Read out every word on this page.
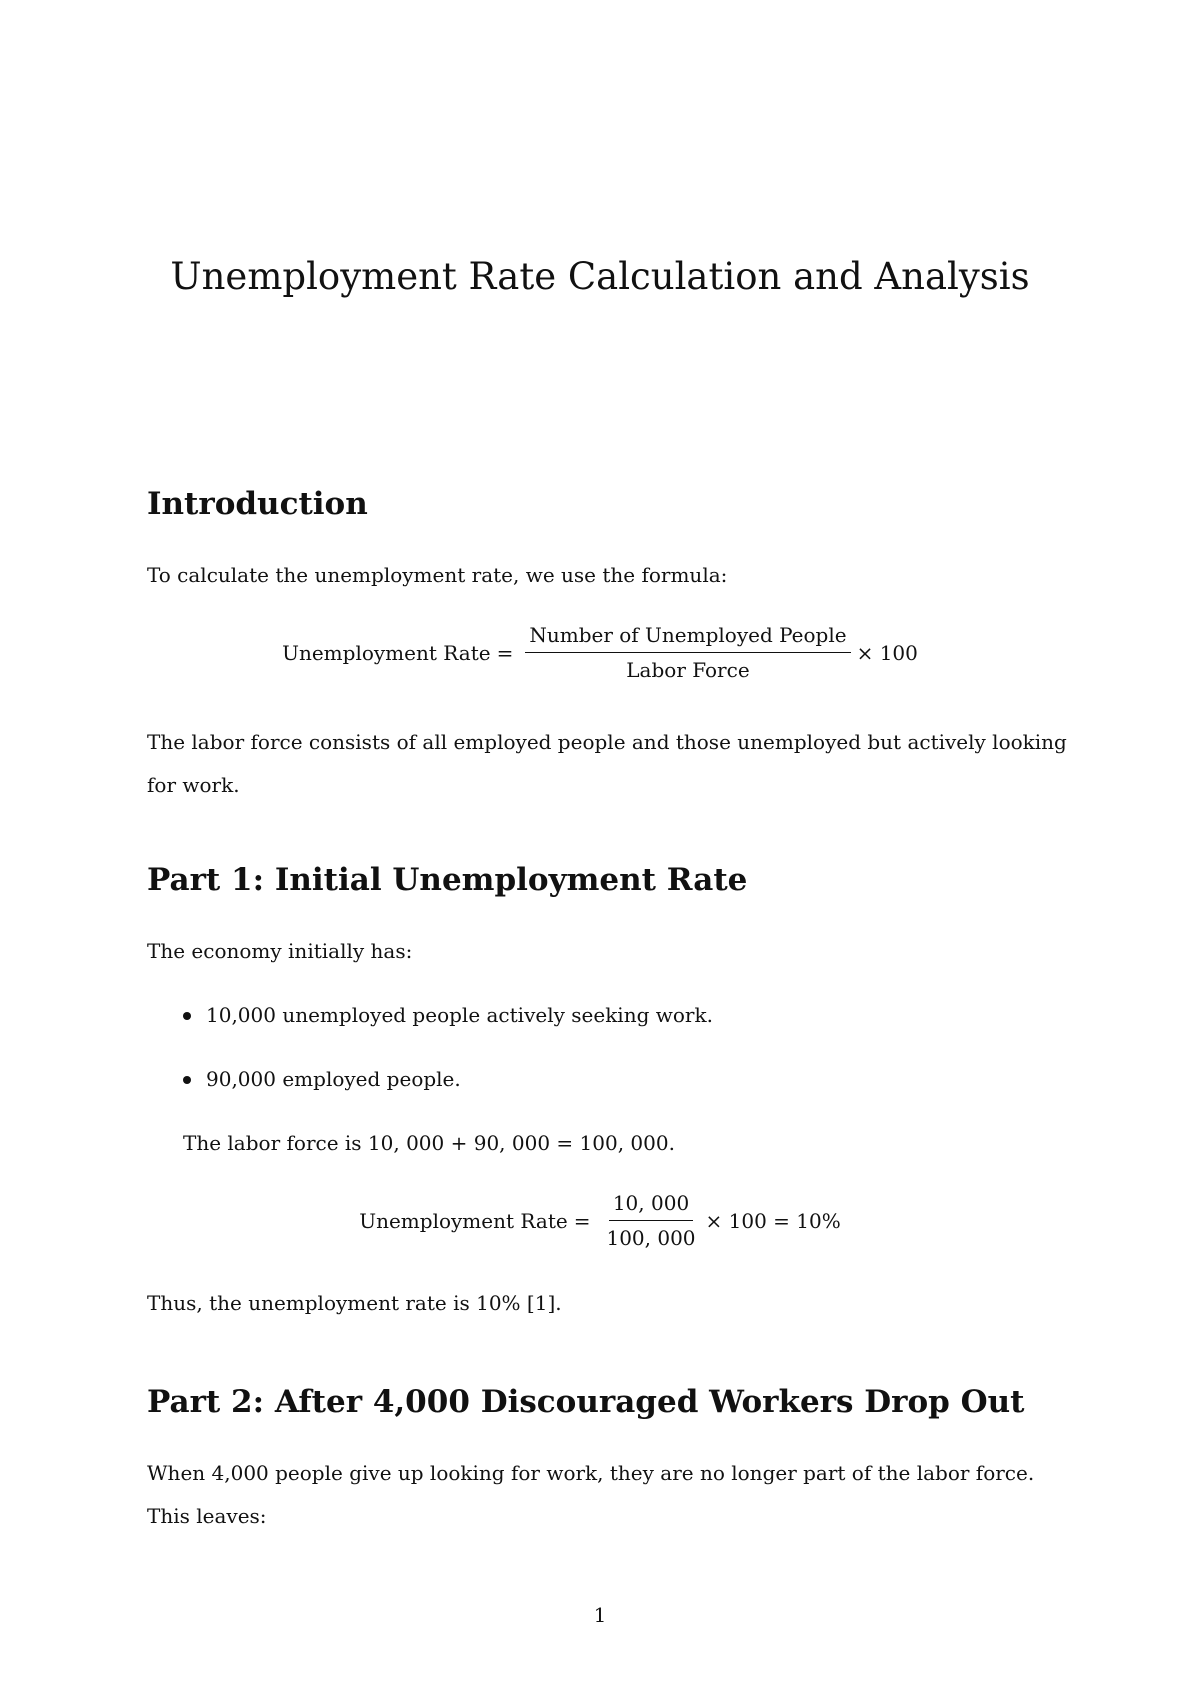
Unemployment Rate Calculation and Analysis
Introduction
To calculate the unemployment rate, we use the formula:
Unemployment Rate = $\frac{\text{Number of Unemployed People}}{\text{Labor Force}} \times 100$
The labor force consists of all employed people and those unemployed but actively looking for work.
Part 1: Initial Unemployment Rate
The economy initially has:
10,000 unemployed people actively seeking work.
90,000 employed people.
The labor force is 10, 000 + 90, 000 = 100, 000.
Unemployment Rate = $\frac{10, 000}{100, 000} \times 100 = 10\%$
Thus, the unemployment rate is 10% [1].
Part 2: After 4,000 Discouraged Workers Drop Out
When 4,000 people give up looking for work, they are no longer part of the labor force.
This leaves:
1
